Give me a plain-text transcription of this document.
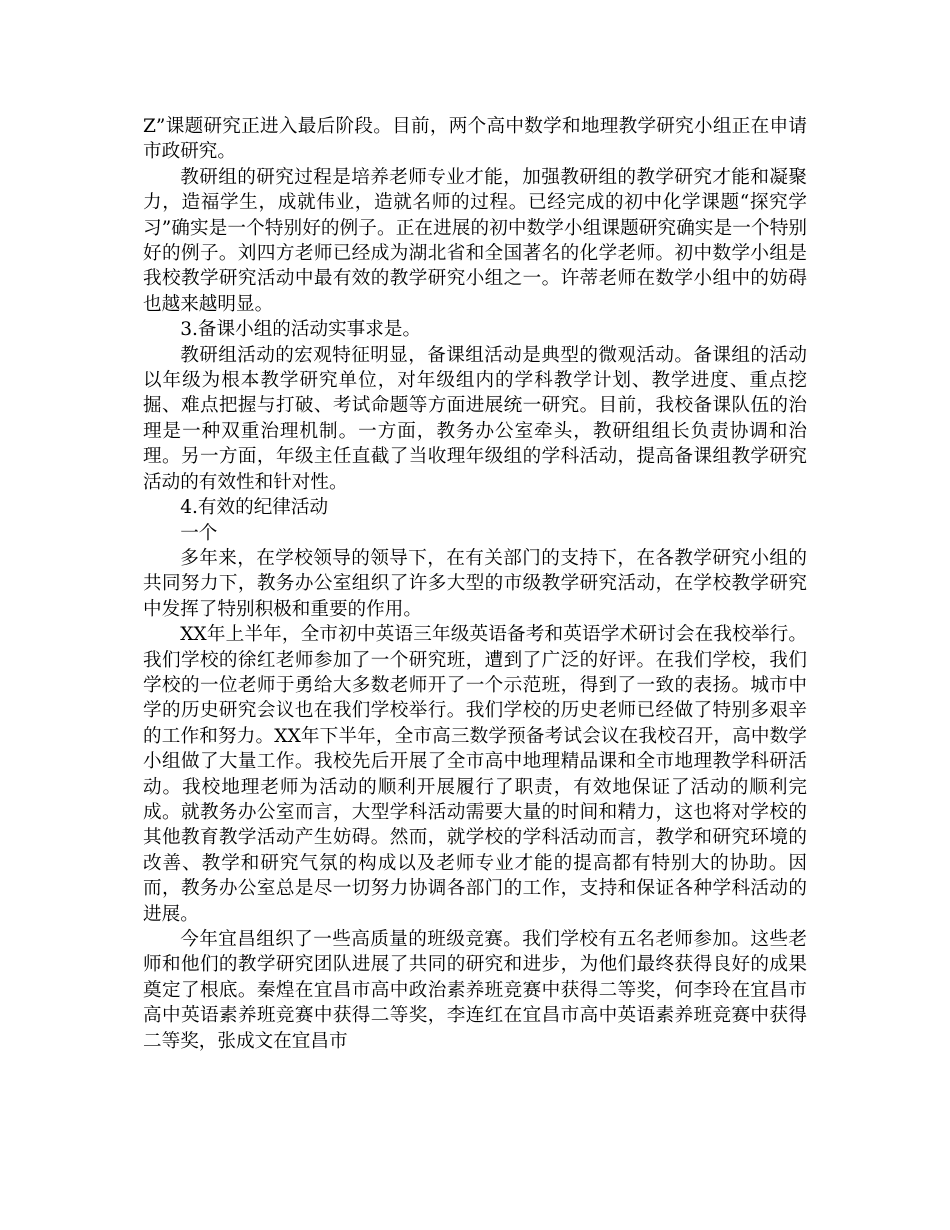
Z”课题研究正进入最后阶段。目前，两个高中数学和地理教学研究小组正在申请市政研究。

教研组的研究过程是培养老师专业才能，加强教研组的教学研究才能和凝聚力，造福学生，成就伟业，造就名师的过程。已经完成的初中化学课题“探究学习”确实是一个特别好的例子。正在进展的初中数学小组课题研究确实是一个特别好的例子。刘四方老师已经成为湖北省和全国著名的化学老师。初中数学小组是我校教学研究活动中最有效的教学研究小组之一。许蒂老师在数学小组中的妨碍也越来越明显。

3.备课小组的活动实事求是。

教研组活动的宏观特征明显，备课组活动是典型的微观活动。备课组的活动以年级为根本教学研究单位，对年级组内的学科教学计划、教学进度、重点挖掘、难点把握与打破、考试命题等方面进展统一研究。目前，我校备课队伍的治理是一种双重治理机制。一方面，教务办公室牵头，教研组组长负责协调和治理。另一方面，年级主任直截了当收理年级组的学科活动，提高备课组教学研究活动的有效性和针对性。

4.有效的纪律活动

一个

多年来，在学校领导的领导下，在有关部门的支持下，在各教学研究小组的共同努力下，教务办公室组织了许多大型的市级教学研究活动，在学校教学研究中发挥了特别积极和重要的作用。

XX年上半年，全市初中英语三年级英语备考和英语学术研讨会在我校举行。我们学校的徐红老师参加了一个研究班，遭到了广泛的好评。在我们学校，我们学校的一位老师于勇给大多数老师开了一个示范班，得到了一致的表扬。城市中学的历史研究会议也在我们学校举行。我们学校的历史老师已经做了特别多艰辛的工作和努力。XX年下半年，全市高三数学预备考试会议在我校召开，高中数学小组做了大量工作。我校先后开展了全市高中地理精品课和全市地理教学科研活动。我校地理老师为活动的顺利开展履行了职责，有效地保证了活动的顺利完成。就教务办公室而言，大型学科活动需要大量的时间和精力，这也将对学校的其他教育教学活动产生妨碍。然而，就学校的学科活动而言，教学和研究环境的改善、教学和研究气氛的构成以及老师专业才能的提高都有特别大的协助。因而，教务办公室总是尽一切努力协调各部门的工作，支持和保证各种学科活动的进展。

今年宜昌组织了一些高质量的班级竞赛。我们学校有五名老师参加。这些老师和他们的教学研究团队进展了共同的研究和进步，为他们最终获得良好的成果奠定了根底。秦煌在宜昌市高中政治素养班竞赛中获得二等奖，何李玲在宜昌市高中英语素养班竞赛中获得二等奖，李连红在宜昌市高中英语素养班竞赛中获得二等奖，张成文在宜昌市
